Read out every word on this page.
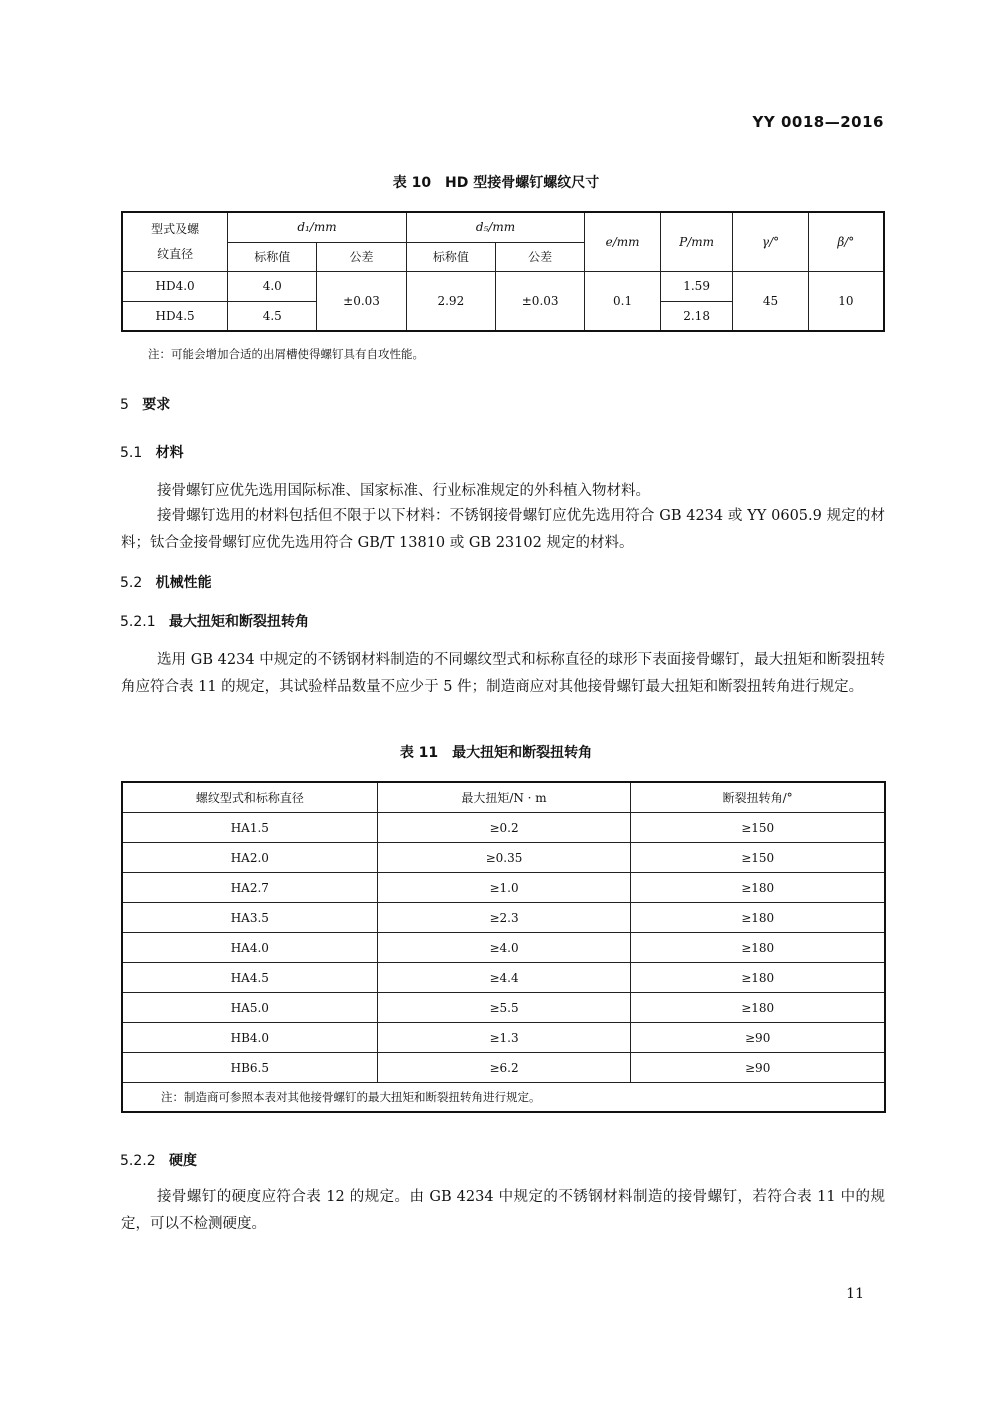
YY 0018—2016
表 10　HD 型接骨螺钉螺纹尺寸
型式及螺
纹直径	d₁/mm		d₅/mm		e/mm	P/mm	γ/°	β/°
	标称值	公差	标称值	公差				
HD4.0	4.0	±0.03	2.92	±0.03	0.1	1.59	45	10
HD4.5	4.5					2.18		
注：可能会增加合适的出屑槽使得螺钉具有自攻性能。
5 要求
5.1 材料
接骨螺钉应优先选用国际标准、国家标准、行业标准规定的外科植入物材料。
接骨螺钉选用的材料包括但不限于以下材料：不锈钢接骨螺钉应优先选用符合 GB 4234 或 YY 0605.9 规定的材料；钛合金接骨螺钉应优先选用符合 GB/T 13810 或 GB 23102 规定的材料。
5.2 机械性能
5.2.1 最大扭矩和断裂扭转角
选用 GB 4234 中规定的不锈钢材料制造的不同螺纹型式和标称直径的球形下表面接骨螺钉，最大扭矩和断裂扭转角应符合表 11 的规定，其试验样品数量不应少于 5 件；制造商应对其他接骨螺钉最大扭矩和断裂扭转角进行规定。
表 11　最大扭矩和断裂扭转角
螺纹型式和标称直径	最大扭矩/N · m	断裂扭转角/°
HA1.5	≥0.2	≥150
HA2.0	≥0.35	≥150
HA2.7	≥1.0	≥180
HA3.5	≥2.3	≥180
HA4.0	≥4.0	≥180
HA4.5	≥4.4	≥180
HA5.0	≥5.5	≥180
HB4.0	≥1.3	≥90
HB6.5	≥6.2	≥90
注：制造商可参照本表对其他接骨螺钉的最大扭矩和断裂扭转角进行规定。		
5.2.2 硬度
接骨螺钉的硬度应符合表 12 的规定。由 GB 4234 中规定的不锈钢材料制造的接骨螺钉，若符合表 11 中的规定，可以不检测硬度。
11
